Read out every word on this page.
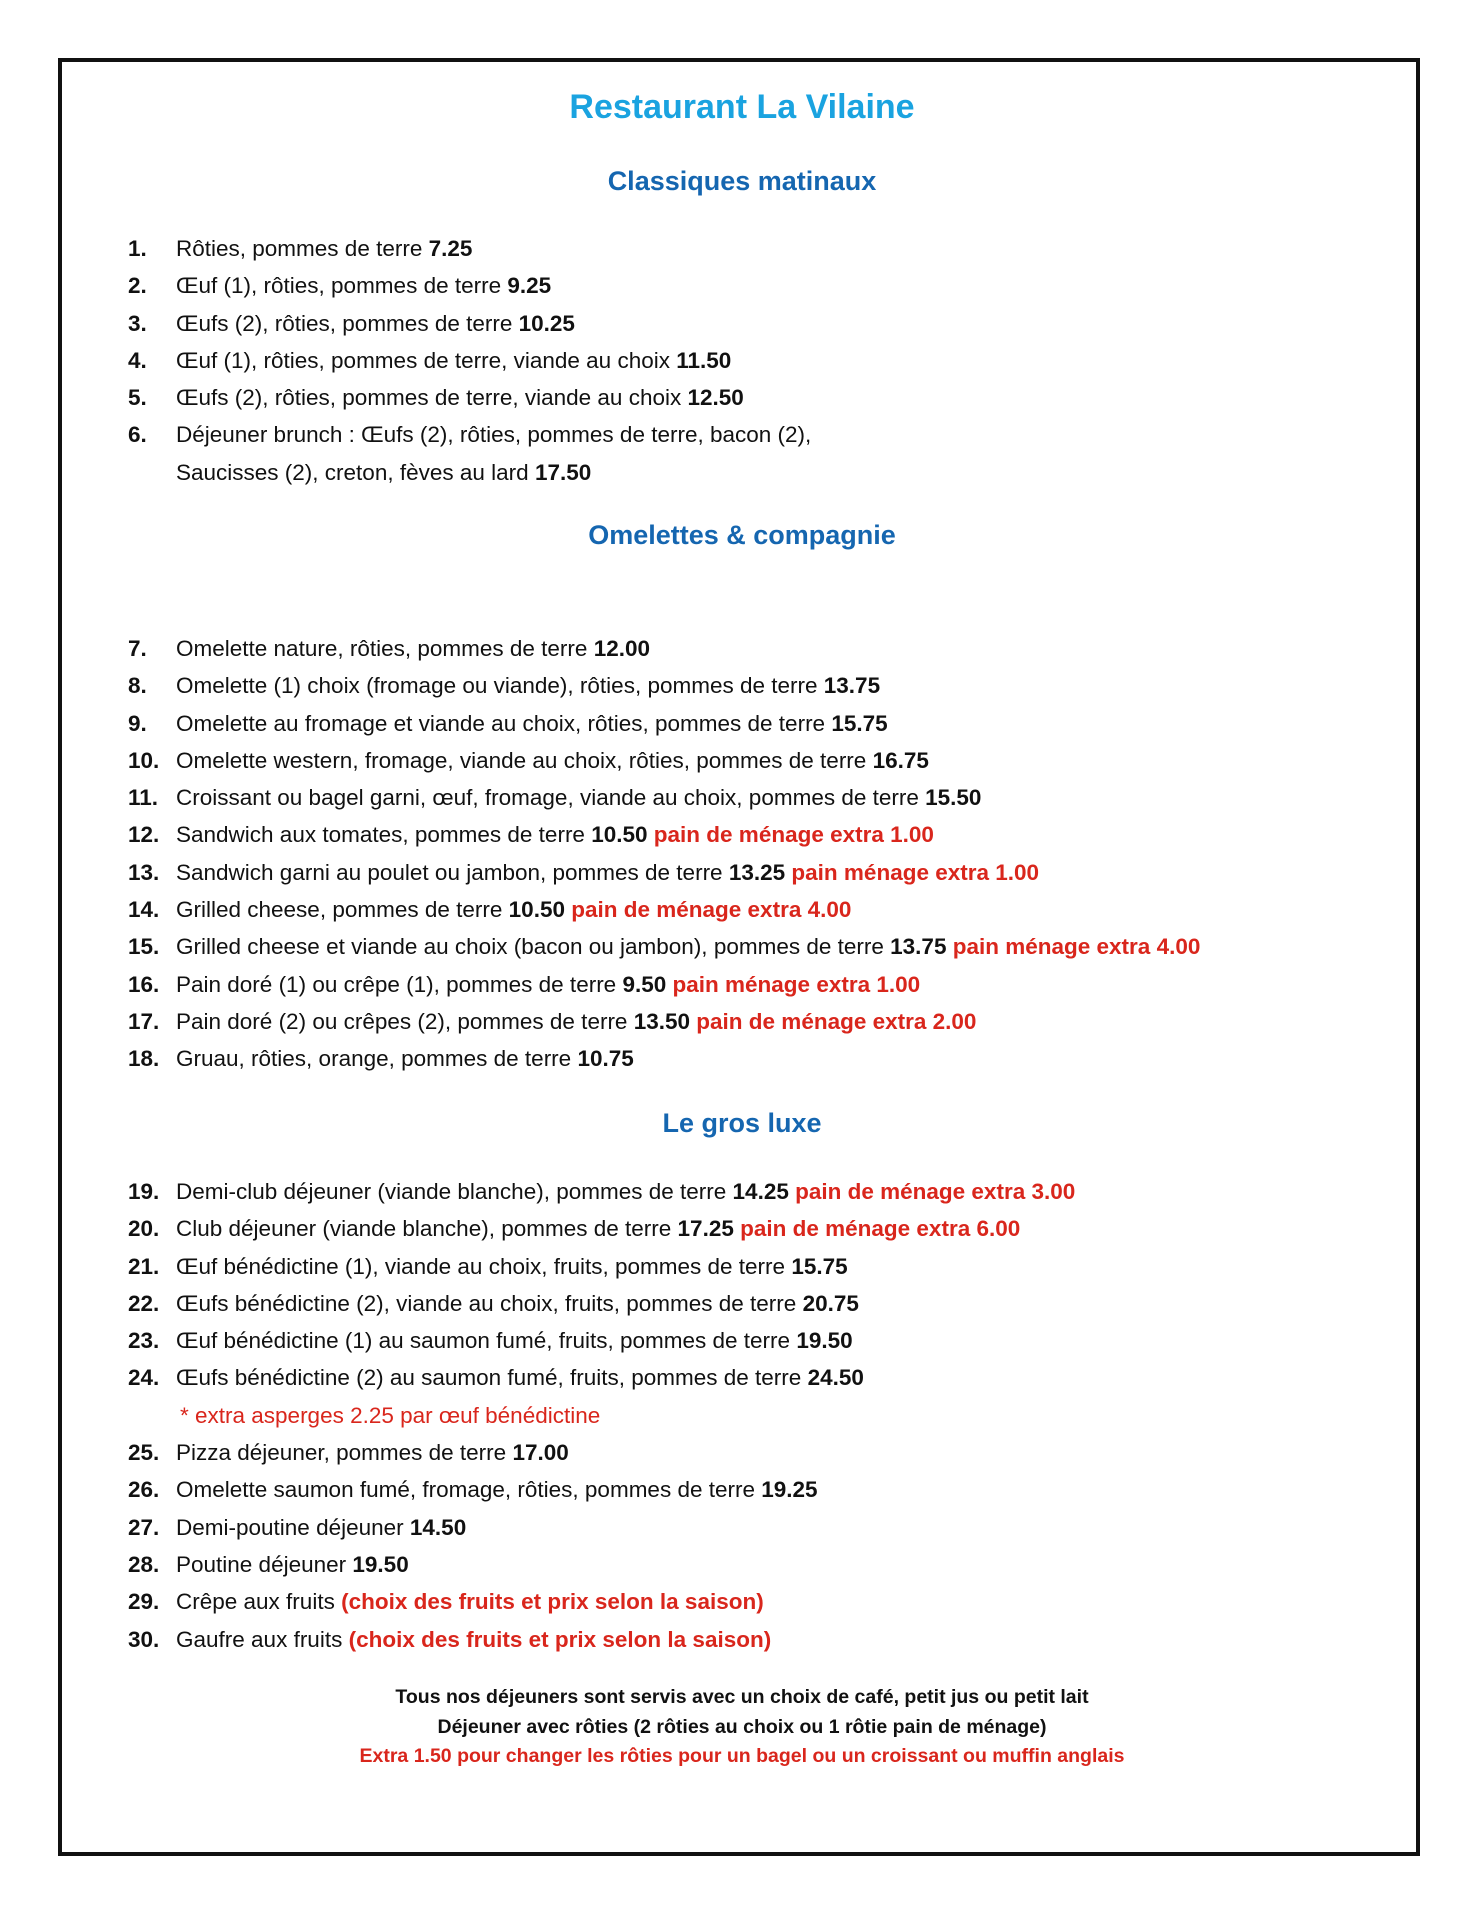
Restaurant La Vilaine
Classiques matinaux
1. Rôties, pommes de terre 7.25
2. Œuf (1), rôties, pommes de terre 9.25
3. Œufs (2), rôties, pommes de terre 10.25
4. Œuf (1), rôties, pommes de terre, viande au choix 11.50
5. Œufs (2), rôties, pommes de terre, viande au choix 12.50
6. Déjeuner brunch : Œufs (2), rôties, pommes de terre, bacon (2),
Saucisses (2), creton, fèves au lard 17.50
Omelettes & compagnie
7. Omelette nature, rôties, pommes de terre 12.00
8. Omelette (1) choix (fromage ou viande), rôties, pommes de terre 13.75
9. Omelette au fromage et viande au choix, rôties, pommes de terre 15.75
10. Omelette western, fromage, viande au choix, rôties, pommes de terre 16.75
11. Croissant ou bagel garni, œuf, fromage, viande au choix, pommes de terre 15.50
12. Sandwich aux tomates, pommes de terre 10.50 pain de ménage extra 1.00
13. Sandwich garni au poulet ou jambon, pommes de terre 13.25 pain ménage extra 1.00
14. Grilled cheese, pommes de terre 10.50 pain de ménage extra 4.00
15. Grilled cheese et viande au choix (bacon ou jambon), pommes de terre 13.75 pain ménage extra 4.00
16. Pain doré (1) ou crêpe (1), pommes de terre 9.50 pain ménage extra 1.00
17. Pain doré (2) ou crêpes (2), pommes de terre 13.50 pain de ménage extra 2.00
18. Gruau, rôties, orange, pommes de terre 10.75
Le gros luxe
19. Demi-club déjeuner (viande blanche), pommes de terre 14.25 pain de ménage extra 3.00
20. Club déjeuner (viande blanche), pommes de terre 17.25 pain de ménage extra 6.00
21. Œuf bénédictine (1), viande au choix, fruits, pommes de terre 15.75
22. Œufs bénédictine (2), viande au choix, fruits, pommes de terre 20.75
23. Œuf bénédictine (1) au saumon fumé, fruits, pommes de terre 19.50
24. Œufs bénédictine (2) au saumon fumé, fruits, pommes de terre 24.50
* extra asperges 2.25 par œuf bénédictine
25. Pizza déjeuner, pommes de terre 17.00
26. Omelette saumon fumé, fromage, rôties, pommes de terre 19.25
27. Demi-poutine déjeuner 14.50
28. Poutine déjeuner 19.50
29. Crêpe aux fruits (choix des fruits et prix selon la saison)
30. Gaufre aux fruits (choix des fruits et prix selon la saison)
Tous nos déjeuners sont servis avec un choix de café, petit jus ou petit lait
Déjeuner avec rôties (2 rôties au choix ou 1 rôtie pain de ménage)
Extra 1.50 pour changer les rôties pour un bagel ou un croissant ou muffin anglais
